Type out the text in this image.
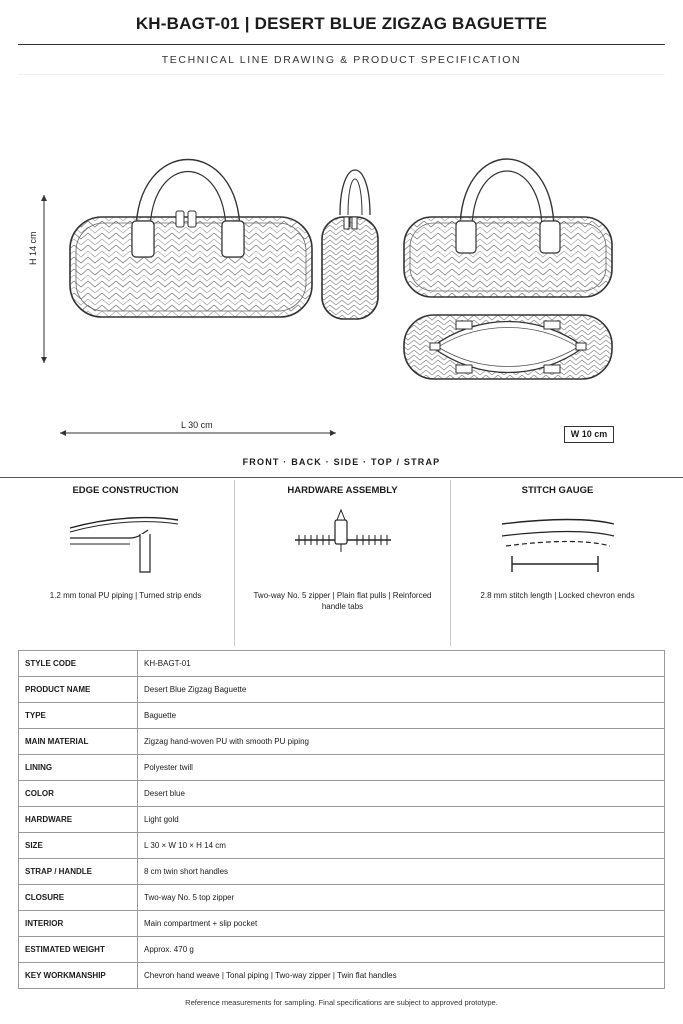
KH-BAGT-01 | DESERT BLUE ZIGZAG BAGUETTE
TECHNICAL LINE DRAWING & PRODUCT SPECIFICATION
L 30 cm
H 14 cm
W 10 cm
FRONT · BACK · SIDE · TOP / STRAP
EDGE CONSTRUCTION

1.2 mm tonal PU piping | Turned strip ends

HARDWARE ASSEMBLY

Two-way No. 5 zipper | Plain flat pulls | Reinforced handle tabs

STITCH GAUGE

2.8 mm stitch length | Locked chevron ends

STYLE CODE	KH-BAGT-01
PRODUCT NAME	Desert Blue Zigzag Baguette
TYPE	Baguette
MAIN MATERIAL	Zigzag hand-woven PU with smooth PU piping
LINING	Polyester twill
COLOR	Desert blue
HARDWARE	Light gold
SIZE	L 30 × W 10 × H 14 cm
STRAP / HANDLE	8 cm twin short handles
CLOSURE	Two-way No. 5 top zipper
INTERIOR	Main compartment + slip pocket
ESTIMATED WEIGHT	Approx. 470 g
KEY WORKMANSHIP	Chevron hand weave | Tonal piping | Two-way zipper | Twin flat handles
Reference measurements for sampling. Final specifications are subject to approved prototype.
